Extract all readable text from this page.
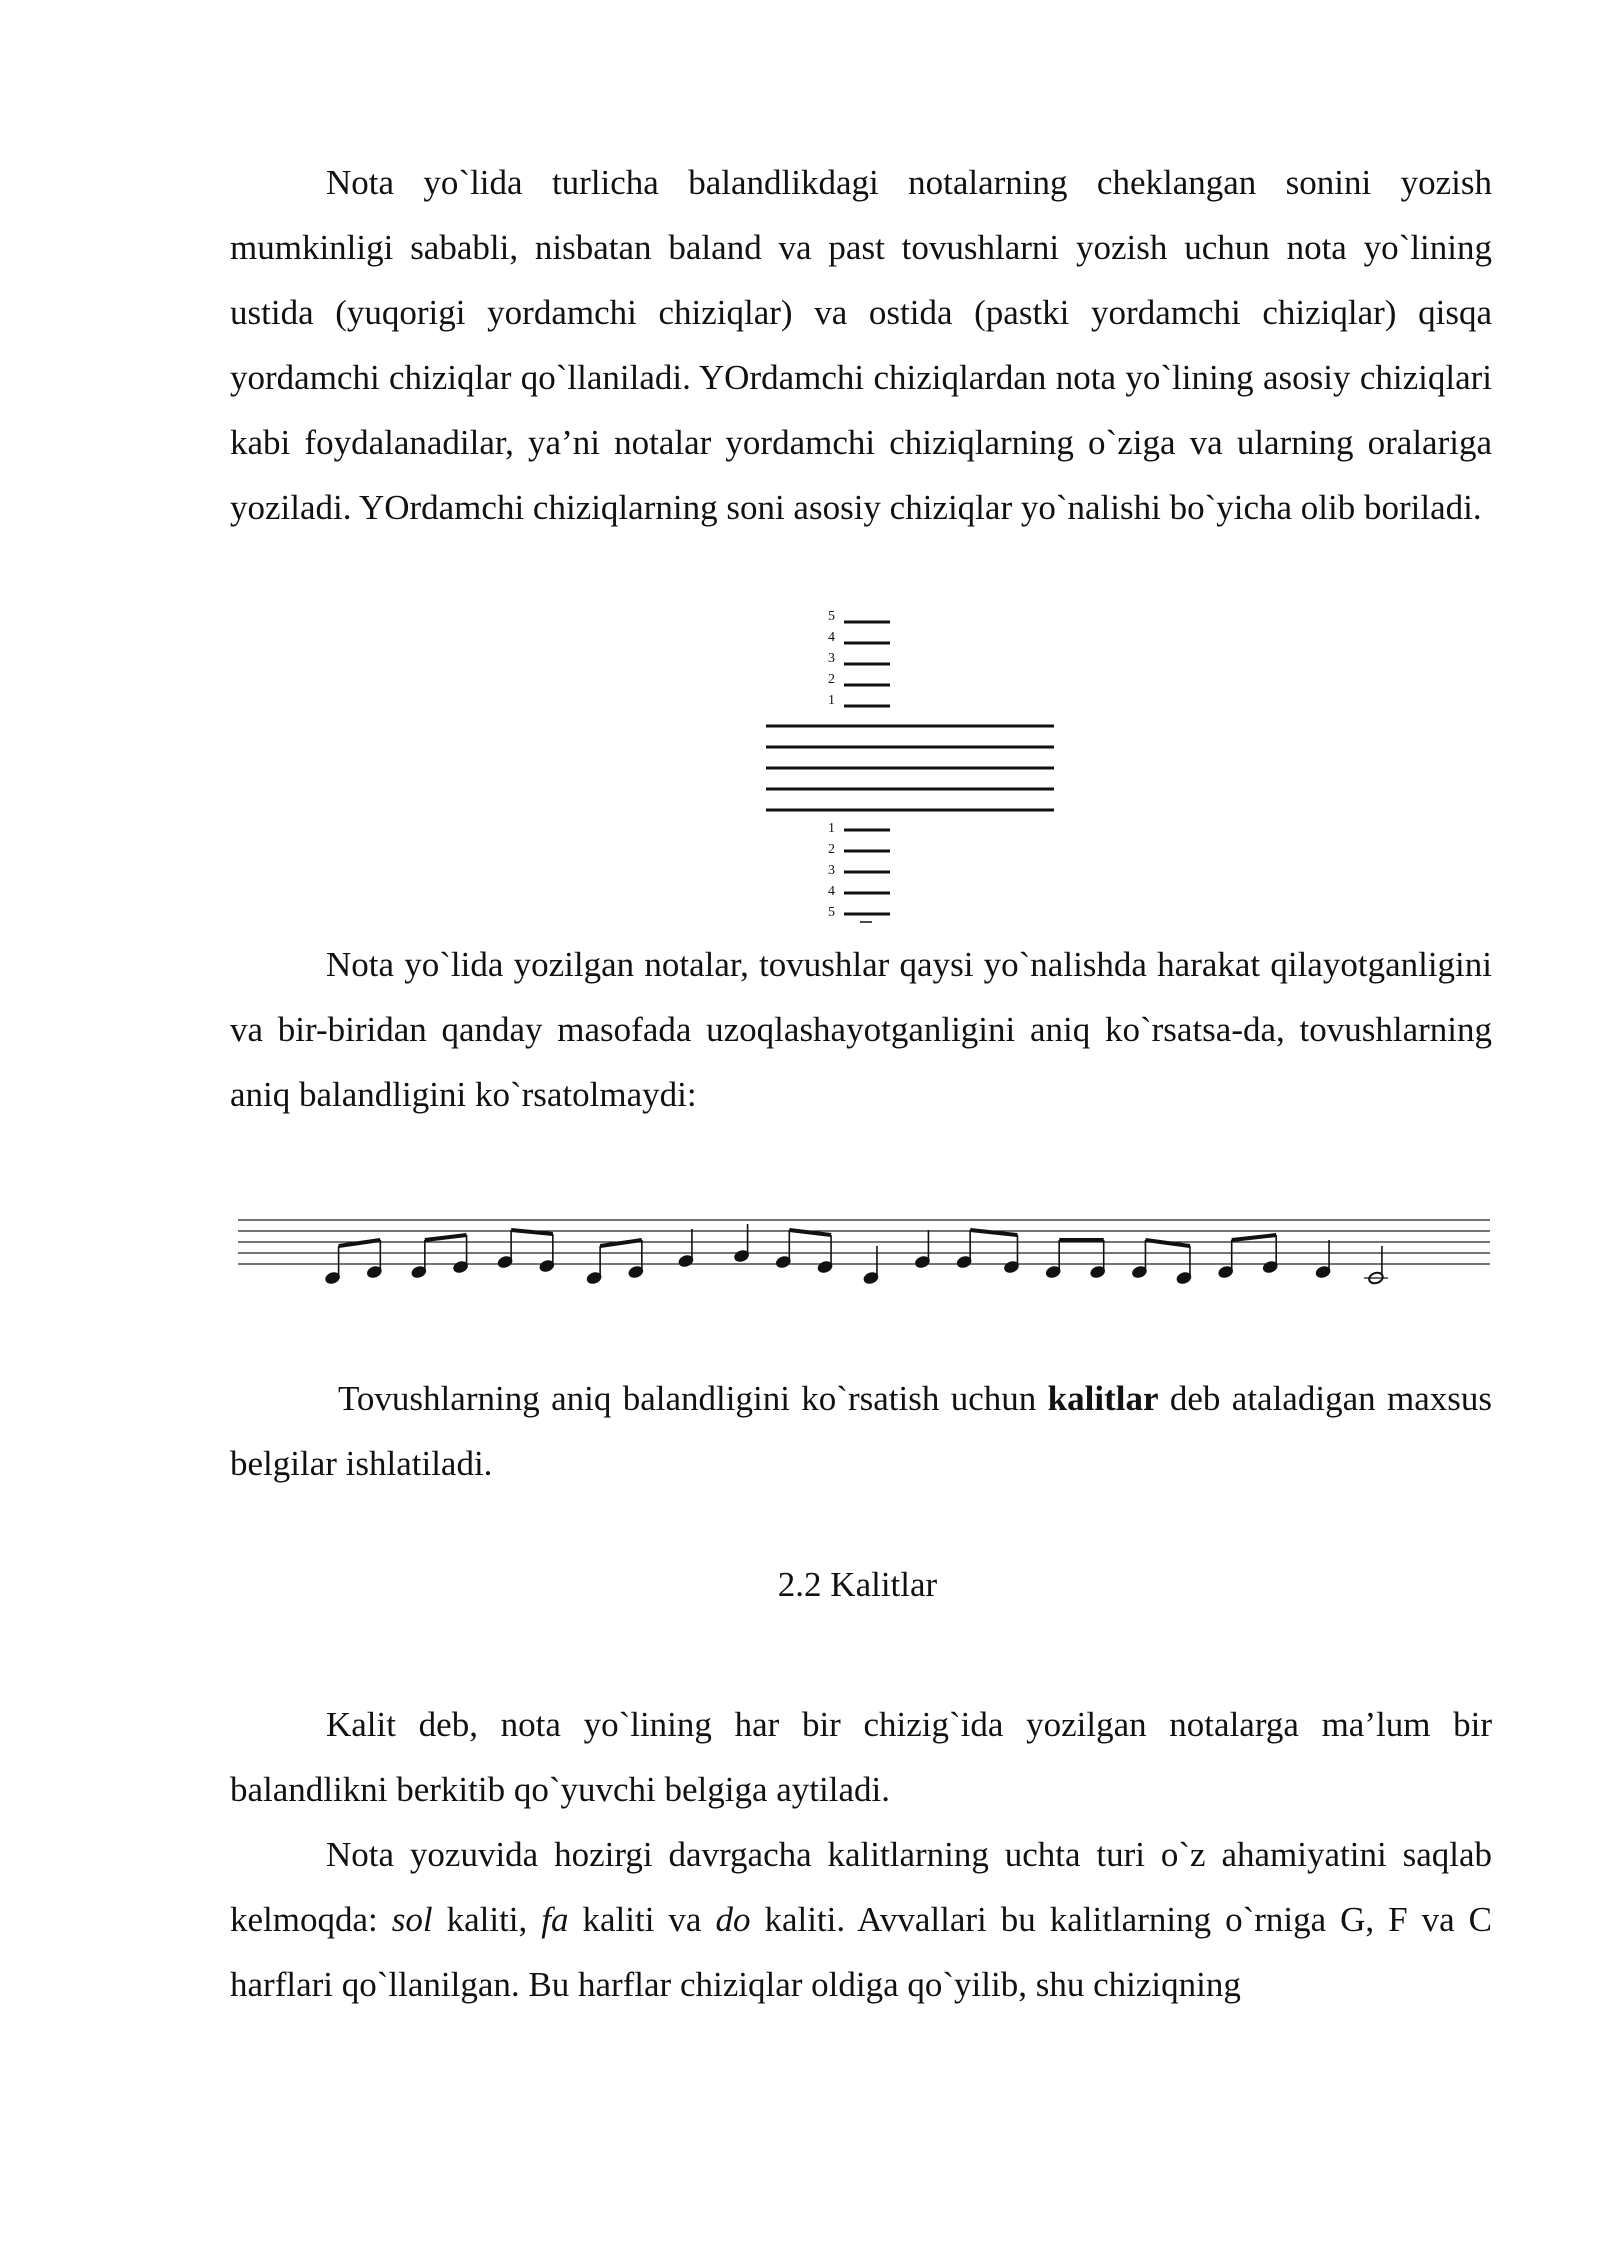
Nota yo`lida turlicha balandlikdagi notalarning cheklangan sonini yozish mumkinligi sababli, nisbatan baland va past tovushlarni yozish uchun nota yo`lining ustida (yuqorigi yordamchi chiziqlar) va ostida (pastki yordamchi chiziqlar) qisqa yordamchi chiziqlar qo`llaniladi. YOrdamchi chiziqlardan nota yo`lining asosiy chiziqlari kabi foydalanadilar, ya’ni notalar yordamchi chiziqlarning o`ziga va ularning oralariga yoziladi. YOrdamchi chiziqlarning soni asosiy chiziqlar yo`nalishi bo`yicha olib boriladi.

5
4
3
2
1
1
2
3
4
5

Nota yo`lida yozilgan notalar, tovushlar qaysi yo`nalishda harakat qilayotganligini va bir-biridan qanday masofada uzoqlashayotganligini aniq ko`rsatsa-da, tovushlarning aniq balandligini ko`rsatolmaydi:

Tovushlarning aniq balandligini ko`rsatish uchun kalitlar deb ataladigan maxsus belgilar ishlatiladi.

2.2 Kalitlar

Kalit deb, nota yo`lining har bir chizig`ida yozilgan notalarga ma’lum bir balandlikni berkitib qo`yuvchi belgiga aytiladi.

Nota yozuvida hozirgi davrgacha kalitlarning uchta turi o`z ahamiyatini saqlab kelmoqda: sol kaliti, fa kaliti va do kaliti. Avvallari bu kalitlarning o`rniga G, F va C harflari qo`llanilgan. Bu harflar chiziqlar oldiga qo`yilib, shu chiziqning
